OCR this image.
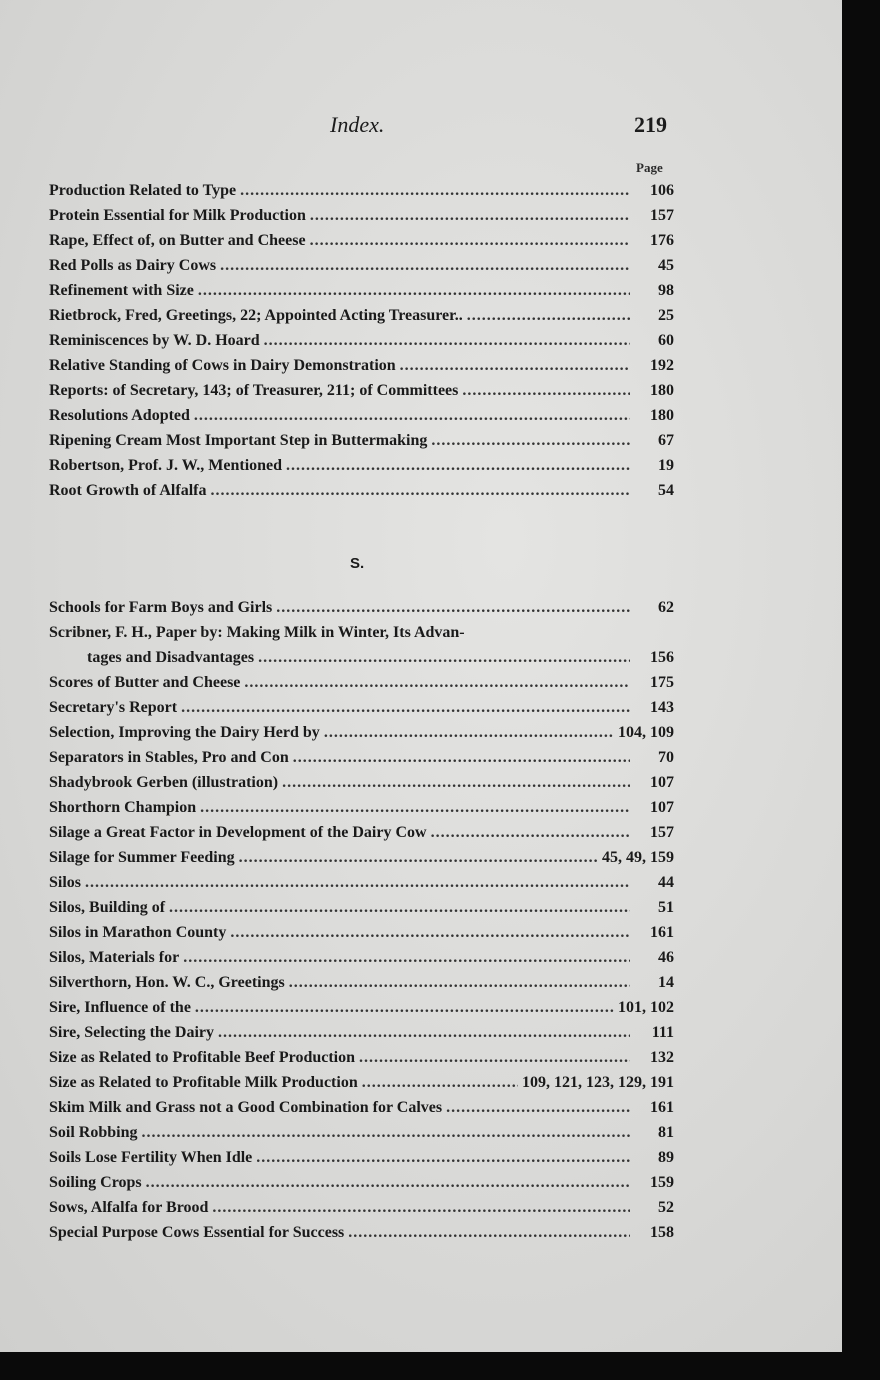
Index.	219
Page
Production Related to Type .....	106
Protein Essential for Milk Production .....	157
Rape, Effect of, on Butter and Cheese .....	176
Red Polls as Dairy Cows .....	45
Refinement with Size .....	98
Rietbrock, Fred, Greetings, 22; Appointed Acting Treasurer.. .....	25
Reminiscences by W. D. Hoard .....	60
Relative Standing of Cows in Dairy Demonstration .....	192
Reports: of Secretary, 143; of Treasurer, 211; of Committees .....	180
Resolutions Adopted .....	180
Ripening Cream Most Important Step in Buttermaking .....	67
Robertson, Prof. J. W., Mentioned .....	19
Root Growth of Alfalfa .....	54
S.
Schools for Farm Boys and Girls .....	62
Scribner, F. H., Paper by: Making Milk in Winter, Its Advan-
tages and Disadvantages .....	156
Scores of Butter and Cheese .....	175
Secretary's Report .....	143
Selection, Improving the Dairy Herd by .....	104, 109
Separators in Stables, Pro and Con .....	70
Shadybrook Gerben (illustration) .....	107
Shorthorn Champion .....	107
Silage a Great Factor in Development of the Dairy Cow .....	157
Silage for Summer Feeding .....	45, 49, 159
Silos .....	44
Silos, Building of .....	51
Silos in Marathon County .....	161
Silos, Materials for .....	46
Silverthorn, Hon. W. C., Greetings .....	14
Sire, Influence of the .....	101, 102
Sire, Selecting the Dairy .....	111
Size as Related to Profitable Beef Production .....	132
Size as Related to Profitable Milk Production .....	109, 121, 123, 129, 191
Skim Milk and Grass not a Good Combination for Calves .....	161
Soil Robbing .....	81
Soils Lose Fertility When Idle .....	89
Soiling Crops .....	159
Sows, Alfalfa for Brood .....	52
Special Purpose Cows Essential for Success .....	158
